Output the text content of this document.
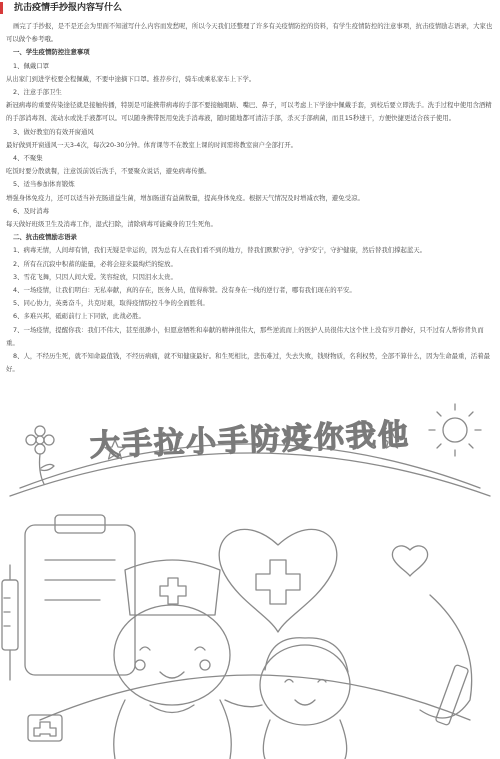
抗击疫情手抄报内容写什么

画完了手抄报，是不是还会为里面不知道写什么内容而发愁呢，所以今天我们还整理了许多有关疫情防控的资料，有学生疫情防控的注意事项，抗击疫情励志语录，大家也可以做个参考哦。

一、学生疫情防控注意事项

1、佩戴口罩

从出家门到进学校要全程佩戴，不要中途摘下口罩。推荐步行，骑车或乘私家车上下学。

2、注意手部卫生

新冠病毒的重要传染途径就是接触传播，特别是可能携带病毒的手部不要接触眼睛、嘴巴、鼻子，可以考虑上下学途中佩戴手套，到校后要立即洗手。洗手过程中使用含酒精的手部消毒剂、流动水或洗手液都可以。可以随身携带医用免洗手消毒液，随时随地都可清洁手部，杀灭手部病菌，而且15秒速干，方便快捷更适合孩子使用。

3、做好教室的有效开窗通风

最好做到开窗通风一天3-4次，每次20-30分钟。体育课等不在教室上课的时间需将教室窗户全部打开。

4、不聚集

吃饭时要分散就餐，注意饭前饭后洗手，不要聚众说话，避免病毒传播。

5、适当参加体育锻炼

增强身体免疫力，还可以适当补充肠道益生菌，增加肠道有益菌数量，提高身体免疫。根据天气情况及时增减衣物，避免受凉。

6、及时消毒

每天做好班级卫生及消毒工作，湿式扫除，清除病毒可能藏身的卫生死角。

二、抗击疫情励志语录

1、病毒无情，人间却有情，我们无疑是幸运的，因为总有人在我们看不到的地方，替我们默默守护，守护安宁，守护健康，然后替我们撑起蓝天。

2、所有在沉寂中积蓄的能量，必将会迎来最绚烂的绽放。

3、雪花飞舞，只因人间大爱。笑容绽放，只因泪水太贵。

4、一场疫情，让我们明白：无私奉献，真的存在，医务人员，值得称赞。没有身在一线的逆行者，哪有我们现在的平安。

5、同心协力，英勇奋斗，共克时艰，取得疫情防控斗争的全面胜利。

6、多难兴邦，砥砺前行上下同欲，此战必胜。

7、一场疫情，提醒你我：我们不伟大，甚至很渺小，但愿意牺牲和奉献的精神很伟大，那些逆流而上的医护人员很伟大这个世上没有岁月静好，只不过有人帮你背负而重。

8、人，不经历生死，就不知命最值钱，不经历病痛，就不知健康最好。和生死相比，悲伤难过，失去失败，钱财物质，名利权势，全部不算什么，因为生命最重，活着最好。

大手拉小手防疫你我他
